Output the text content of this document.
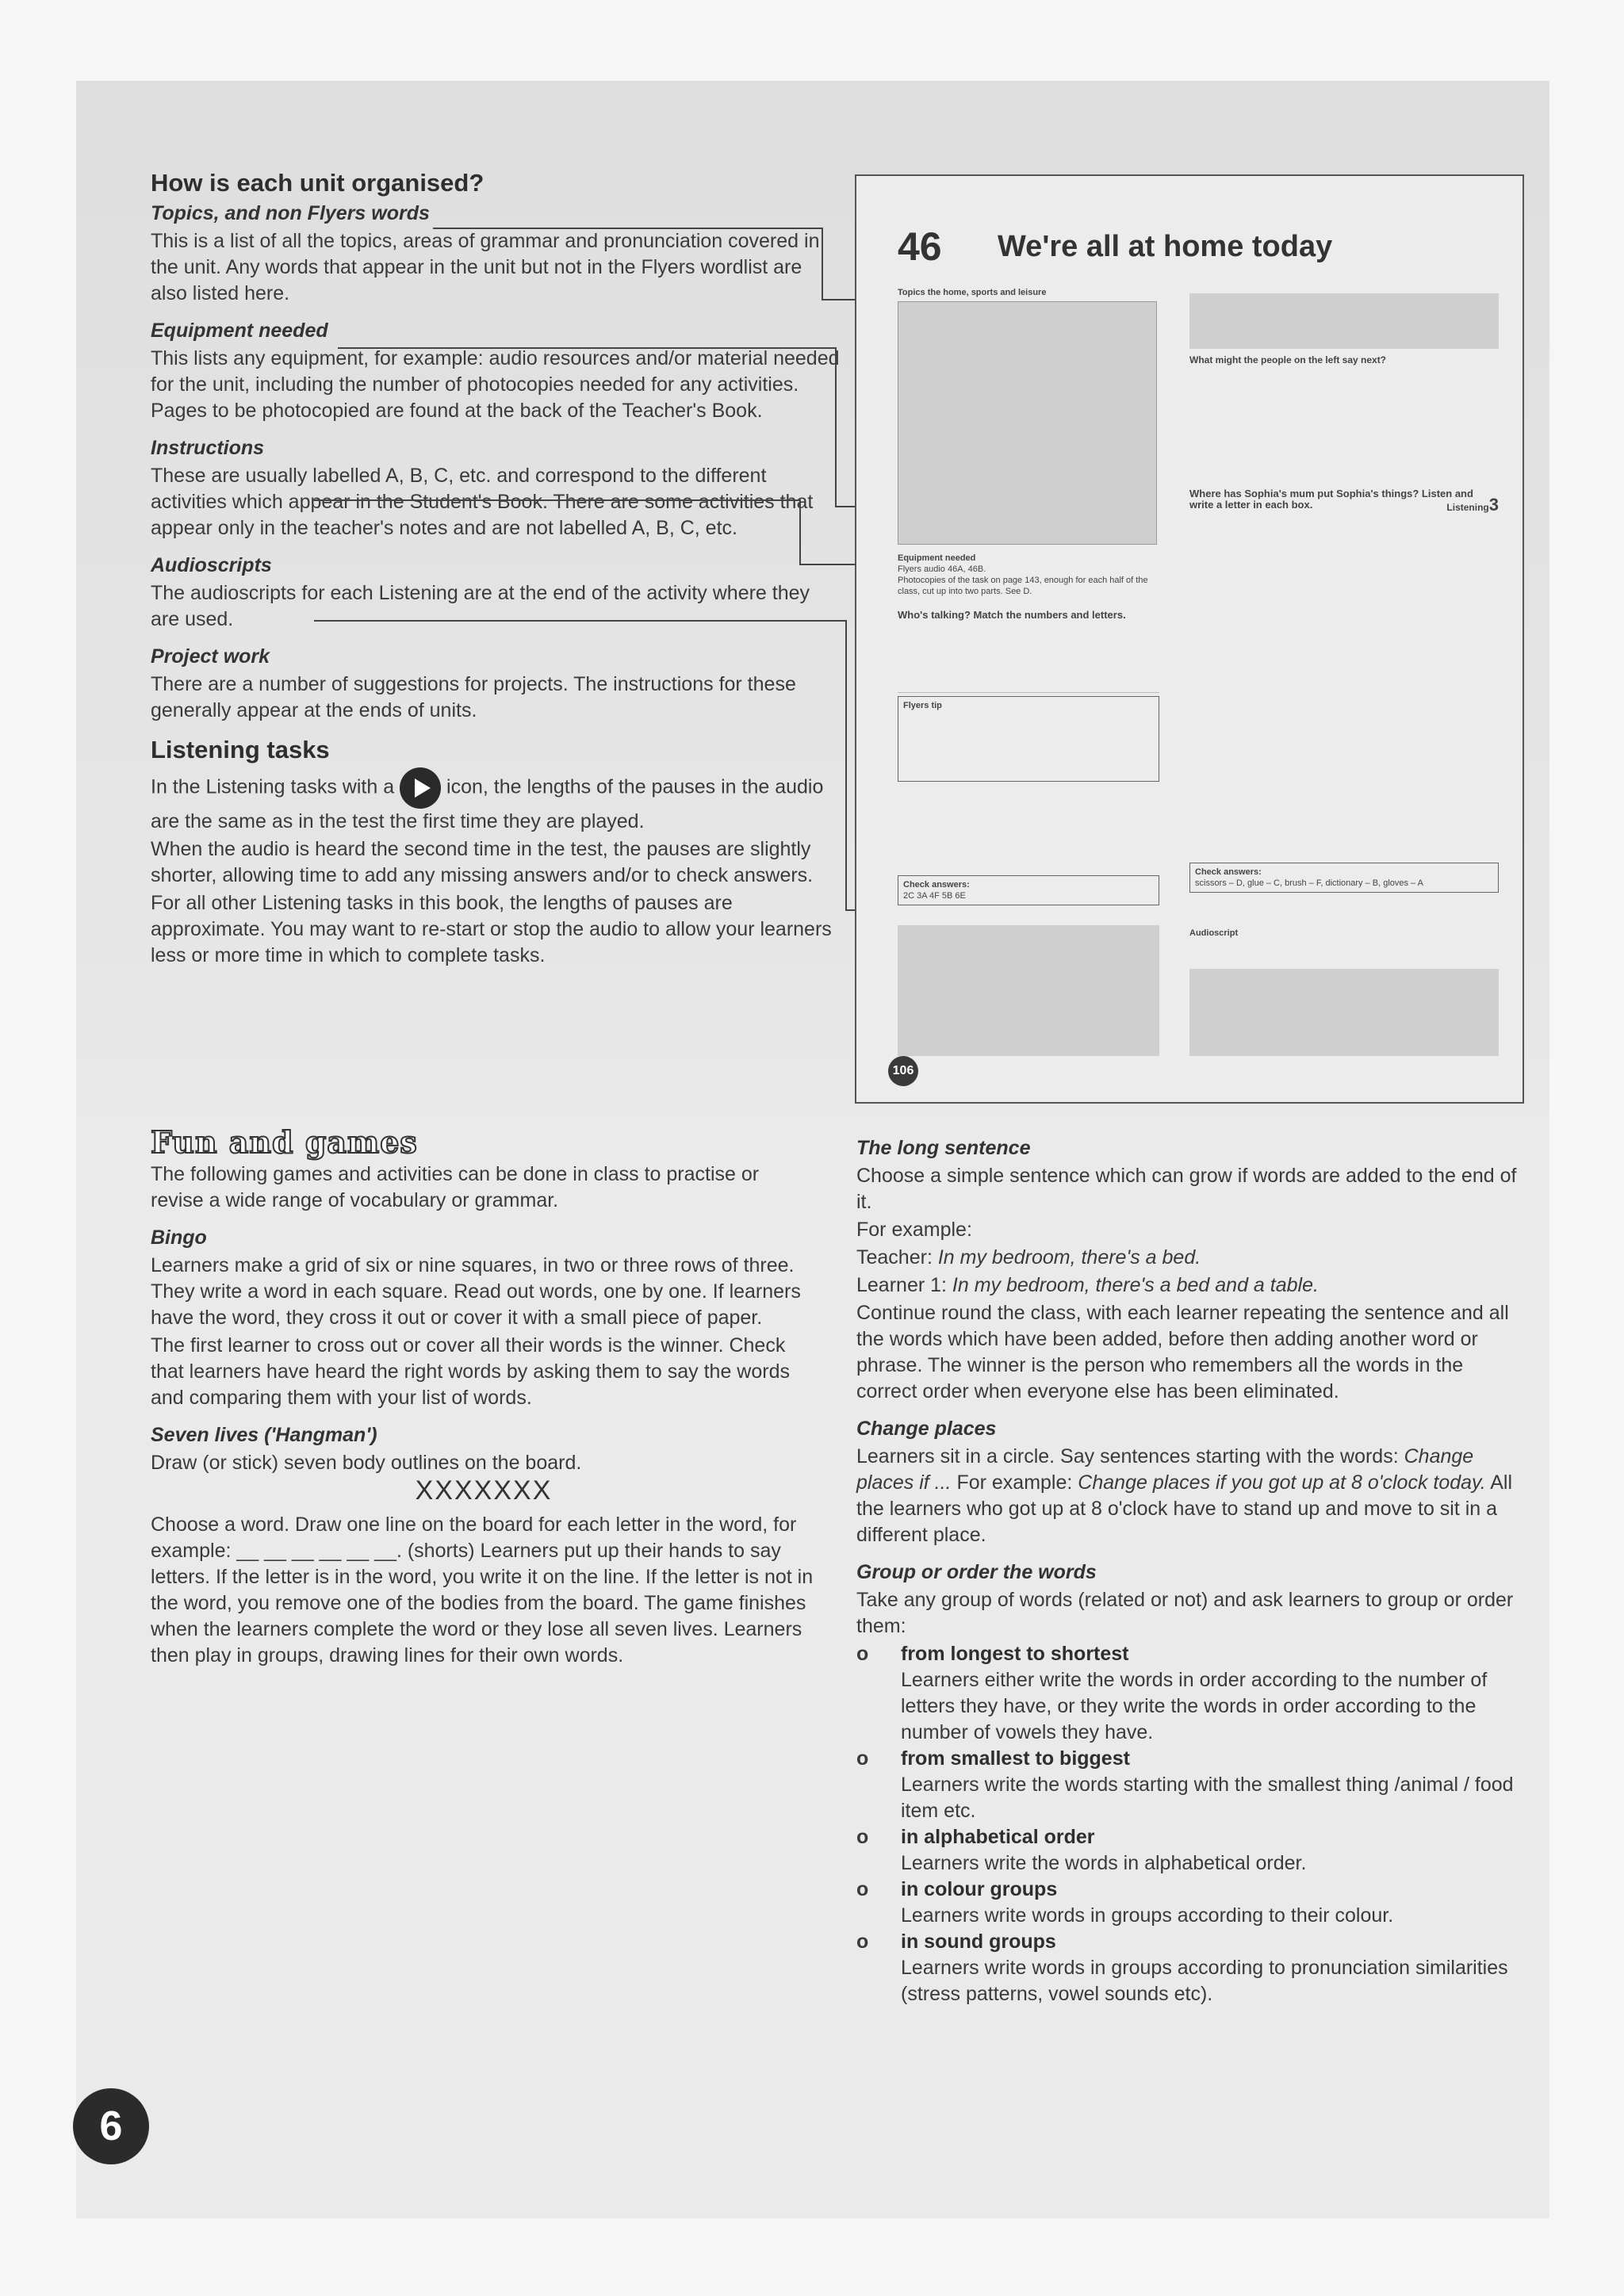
How is each unit organised?
Topics, and non Flyers words

This is a list of all the topics, areas of grammar and pronunciation covered in the unit. Any words that appear in the unit but not in the Flyers wordlist are also listed here.

Equipment needed

This lists any equipment, for example: audio resources and/or material needed for the unit, including the number of photocopies needed for any activities. Pages to be photocopied are found at the back of the Teacher's Book.

Instructions

These are usually labelled A, B, C, etc. and correspond to the different activities which appear in the Student's Book. There are some activities that appear only in the teacher's notes and are not labelled A, B, C, etc.

Audioscripts

The audioscripts for each Listening are at the end of the activity where they are used.

Project work

There are a number of suggestions for projects. The instructions for these generally appear at the ends of units.

Listening tasks

In the Listening tasks with a	icon, the lengths of the pauses in the audio are the same as in the test the first time they are played.

When the audio is heard the second time in the test, the pauses are slightly shorter, allowing time to add any missing answers and/or to check answers.

For all other Listening tasks in this book, the lengths of pauses are approximate. You may want to re-start or stop the audio to allow your learners less or more time in which to complete tasks.

46 We're all at home today
Topics the home, sports and leisure
Equipment needed
Flyers audio 46A, 46B.
Photocopies of the task on page 143, enough for each half of the class, cut up into two parts. See D.
Who's talking? Match the numbers and letters.
Flyers tip
Check answers:
2C 3A 4F 5B 6E
What might the people on the left say next?
Where has Sophia's mum put Sophia's things? Listen and write a letter in each box.	Listening3
Check answers:
scissors – D, glue – C, brush – F, dictionary – B, gloves – A
Audioscript
106
Fun and games

The following games and activities can be done in class to practise or revise a wide range of vocabulary or grammar.

Bingo

Learners make a grid of six or nine squares, in two or three rows of three. They write a word in each square. Read out words, one by one. If learners have the word, they cross it out or cover it with a small piece of paper.

The first learner to cross out or cover all their words is the winner. Check that learners have heard the right words by asking them to say the words and comparing them with your list of words.

Seven lives ('Hangman')

Draw (or stick) seven body outlines on the board.

XXXXXXX

Choose a word. Draw one line on the board for each letter in the word, for example: __ __ __ __ __ __. (shorts) Learners put up their hands to say letters. If the letter is in the word, you write it on the line. If the letter is not in the word, you remove one of the bodies from the board. The game finishes when the learners complete the word or they lose all seven lives. Learners then play in groups, drawing lines for their own words.

The long sentence

Choose a simple sentence which can grow if words are added to the end of it.

For example:

Teacher: In my bedroom, there's a bed.

Learner 1: In my bedroom, there's a bed and a table.

Continue round the class, with each learner repeating the sentence and all the words which have been added, before then adding another word or phrase. The winner is the person who remembers all the words in the correct order when everyone else has been eliminated.

Change places

Learners sit in a circle. Say sentences starting with the words: Change places if ... For example: Change places if you got up at 8 o'clock today. All the learners who got up at 8 o'clock have to stand up and move to sit in a different place.

Group or order the words

Take any group of words (related or not) and ask learners to group or order them:

o from longest to shortest
Learners either write the words in order according to the number of letters they have, or they write the words in order according to the number of vowels they have.
o from smallest to biggest
Learners write the words starting with the smallest thing /animal / food item etc.
o in alphabetical order
Learners write the words in alphabetical order.
o in colour groups
Learners write words in groups according to their colour.
o in sound groups
Learners write words in groups according to pronunciation similarities (stress patterns, vowel sounds etc).
6
